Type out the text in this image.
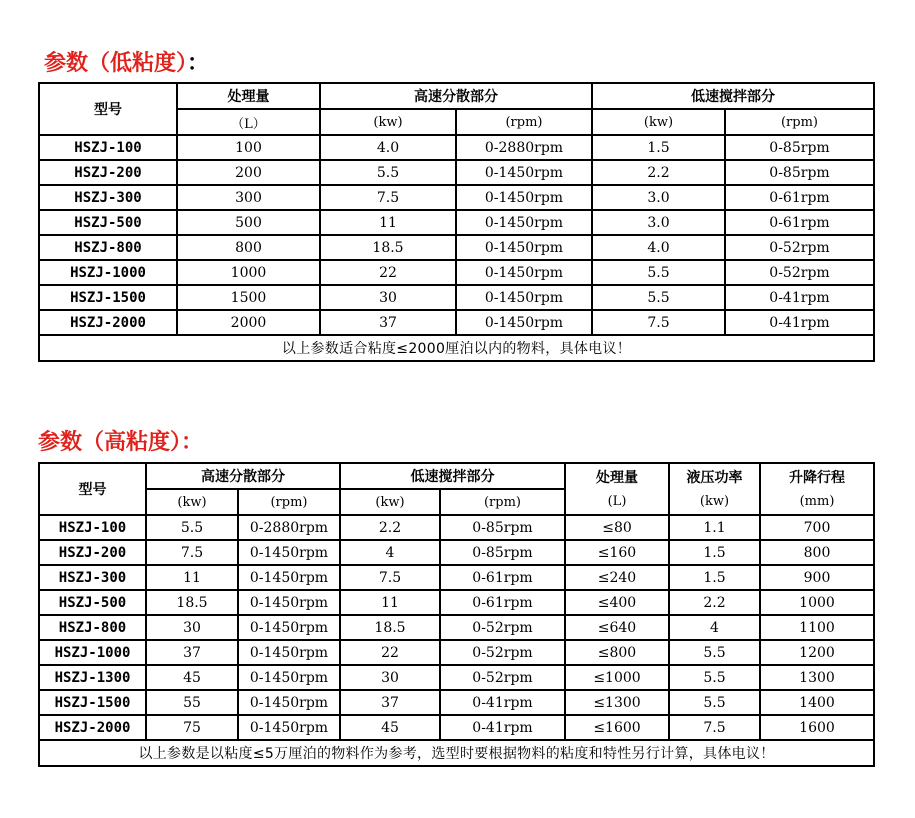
参数（低粘度）：
型号	处理量	高速分散部分		低速搅拌部分	
	（L）	(kw)	(rpm)	(kw)	(rpm)
HSZJ-100	100	4.0	0-2880rpm	1.5	0-85rpm
HSZJ-200	200	5.5	0-1450rpm	2.2	0-85rpm
HSZJ-300	300	7.5	0-1450rpm	3.0	0-61rpm
HSZJ-500	500	11	0-1450rpm	3.0	0-61rpm
HSZJ-800	800	18.5	0-1450rpm	4.0	0-52rpm
HSZJ-1000	1000	22	0-1450rpm	5.5	0-52rpm
HSZJ-1500	1500	30	0-1450rpm	5.5	0-41rpm
HSZJ-2000	2000	37	0-1450rpm	7.5	0-41rpm
以上参数适合粘度≤2000厘泊以内的物料，具体电议！					
参数（高粘度）：
型号	高速分散部分		低速搅拌部分		处理量	液压功率	升降行程
	(kw)	(rpm)	(kw)	(rpm)	(L)	(kw)	(mm)
HSZJ-100	5.5	0-2880rpm	2.2	0-85rpm	≤80	1.1	700
HSZJ-200	7.5	0-1450rpm	4	0-85rpm	≤160	1.5	800
HSZJ-300	11	0-1450rpm	7.5	0-61rpm	≤240	1.5	900
HSZJ-500	18.5	0-1450rpm	11	0-61rpm	≤400	2.2	1000
HSZJ-800	30	0-1450rpm	18.5	0-52rpm	≤640	4	1100
HSZJ-1000	37	0-1450rpm	22	0-52rpm	≤800	5.5	1200
HSZJ-1300	45	0-1450rpm	30	0-52rpm	≤1000	5.5	1300
HSZJ-1500	55	0-1450rpm	37	0-41rpm	≤1300	5.5	1400
HSZJ-2000	75	0-1450rpm	45	0-41rpm	≤1600	7.5	1600
以上参数是以粘度≤5万厘泊的物料作为参考，选型时要根据物料的粘度和特性另行计算，具体电议！							
